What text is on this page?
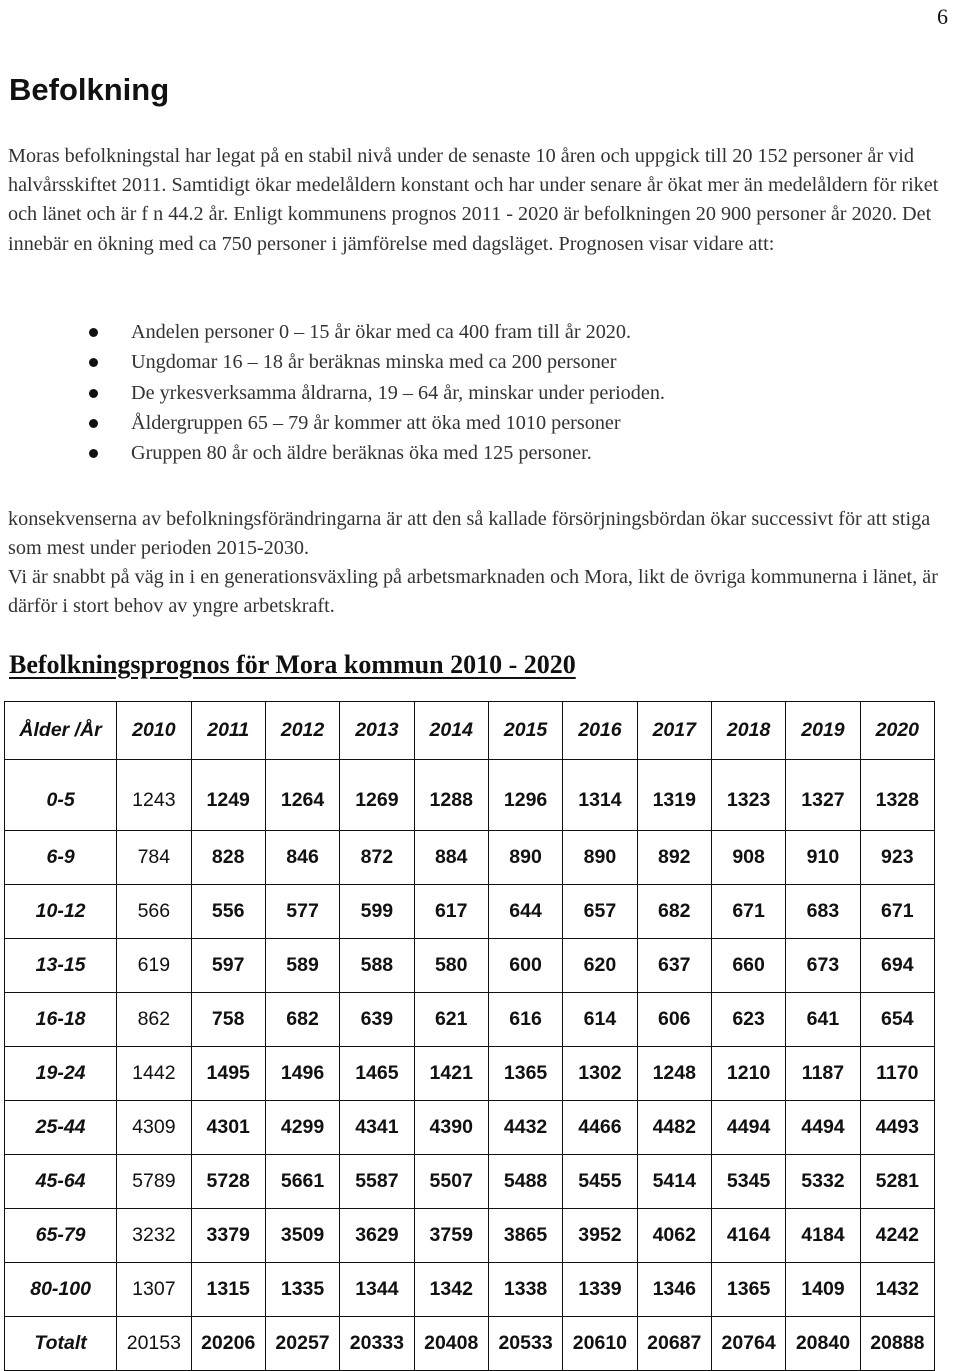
6
Befolkning

Moras befolkningstal har legat på en stabil nivå under de senaste 10 åren och uppgick till 20 152 personer år vid halvårsskiftet 2011. Samtidigt ökar medelåldern konstant och har under senare år ökat mer än medelåldern för riket och länet och är f n 44.2 år. Enligt kommunens prognos 2011 - 2020 är befolkningen 20 900 personer år 2020. Det innebär en ökning med ca 750 personer i jämförelse med dagsläget. Prognosen visar vidare att:

Andelen personer 0 – 15 år ökar med ca 400 fram till år 2020.
Ungdomar 16 – 18 år beräknas minska med ca 200 personer
De yrkesverksamma åldrarna, 19 – 64 år, minskar under perioden.
Åldergruppen 65 – 79 år kommer att öka med 1010 personer
Gruppen 80 år och äldre beräknas öka med 125 personer.

konsekvenserna av befolkningsförändringarna är att den så kallade försörjningsbördan ökar successivt för att stiga som mest under perioden 2015-2030.

Vi är snabbt på väg in i en generationsväxling på arbetsmarknaden och Mora, likt de övriga kommunerna i länet, är därför i stort behov av yngre arbetskraft.

Befolkningsprognos för Mora kommun 2010 - 2020
Ålder /År	2010	2011	2012	2013	2014	2015	2016	2017	2018	2019	2020
0-5	1243	1249	1264	1269	1288	1296	1314	1319	1323	1327	1328
6-9	784	828	846	872	884	890	890	892	908	910	923
10-12	566	556	577	599	617	644	657	682	671	683	671
13-15	619	597	589	588	580	600	620	637	660	673	694
16-18	862	758	682	639	621	616	614	606	623	641	654
19-24	1442	1495	1496	1465	1421	1365	1302	1248	1210	1187	1170
25-44	4309	4301	4299	4341	4390	4432	4466	4482	4494	4494	4493
45-64	5789	5728	5661	5587	5507	5488	5455	5414	5345	5332	5281
65-79	3232	3379	3509	3629	3759	3865	3952	4062	4164	4184	4242
80-100	1307	1315	1335	1344	1342	1338	1339	1346	1365	1409	1432
Totalt	20153	20206	20257	20333	20408	20533	20610	20687	20764	20840	20888
